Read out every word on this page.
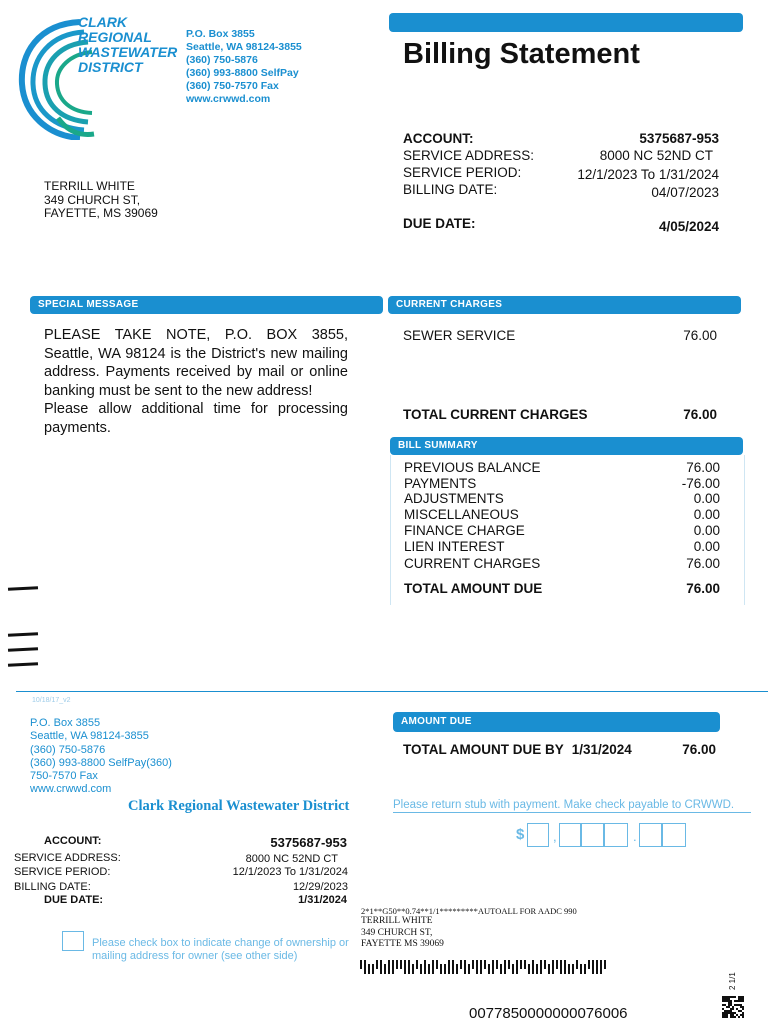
CLARK
REGIONAL
WASTEWATER
DISTRICT
P.O. Box 3855
Seattle, WA 98124-3855
(360) 750-5876
(360) 993-8800 SelfPay
(360) 750-7570 Fax
www.crwwd.com
Billing Statement
ACCOUNT:	5375687-953
SERVICE ADDRESS:	8000 NC 52ND CT
SERVICE PERIOD:	12/1/2023 To 1/31/2024
BILLING DATE:	04/07/2023
DUE DATE:	4/05/2024
TERRILL WHITE
349 CHURCH ST,
FAYETTE, MS 39069
SPECIAL MESSAGE

PLEASE TAKE NOTE, P.O. BOX 3855, Seattle, WA 98124 is the District's new mailing address. Payments received by mail or online banking must be sent to the new address!

Please allow additional time for processing payments.

CURRENT CHARGES
SEWER SERVICE	76.00
TOTAL CURRENT CHARGES	76.00
BILL SUMMARY
PREVIOUS BALANCE	76.00
PAYMENTS	-76.00
ADJUSTMENTS	0.00
MISCELLANEOUS	0.00
FINANCE CHARGE	0.00
LIEN INTEREST	0.00
CURRENT CHARGES	76.00
TOTAL AMOUNT DUE	76.00
10/18/17_v2
P.O. Box 3855
Seattle, WA 98124-3855
(360) 750-5876
(360) 993-8800 SelfPay(360)
750-7570 Fax
www.crwwd.com
Clark Regional Wastewater District
AMOUNT DUE
TOTAL AMOUNT DUE BY 1/31/2024	76.00
Please return stub with payment. Make check payable to CRWWD.
$ ,	.
ACCOUNT:	5375687-953
SERVICE ADDRESS:	8000 NC 52ND CT
SERVICE PERIOD:	12/1/2023 To 1/31/2024
BILLING DATE:	12/29/2023
DUE DATE:	1/31/2024
Please check box to indicate change of ownership or mailing address for owner (see other side)
2*1**G50**0.74**1/1*********AUTOALL FOR AADC 990
TERRILL WHITE
349 CHURCH ST,
FAYETTE MS 39069
2 1/1
0077850000000076006
